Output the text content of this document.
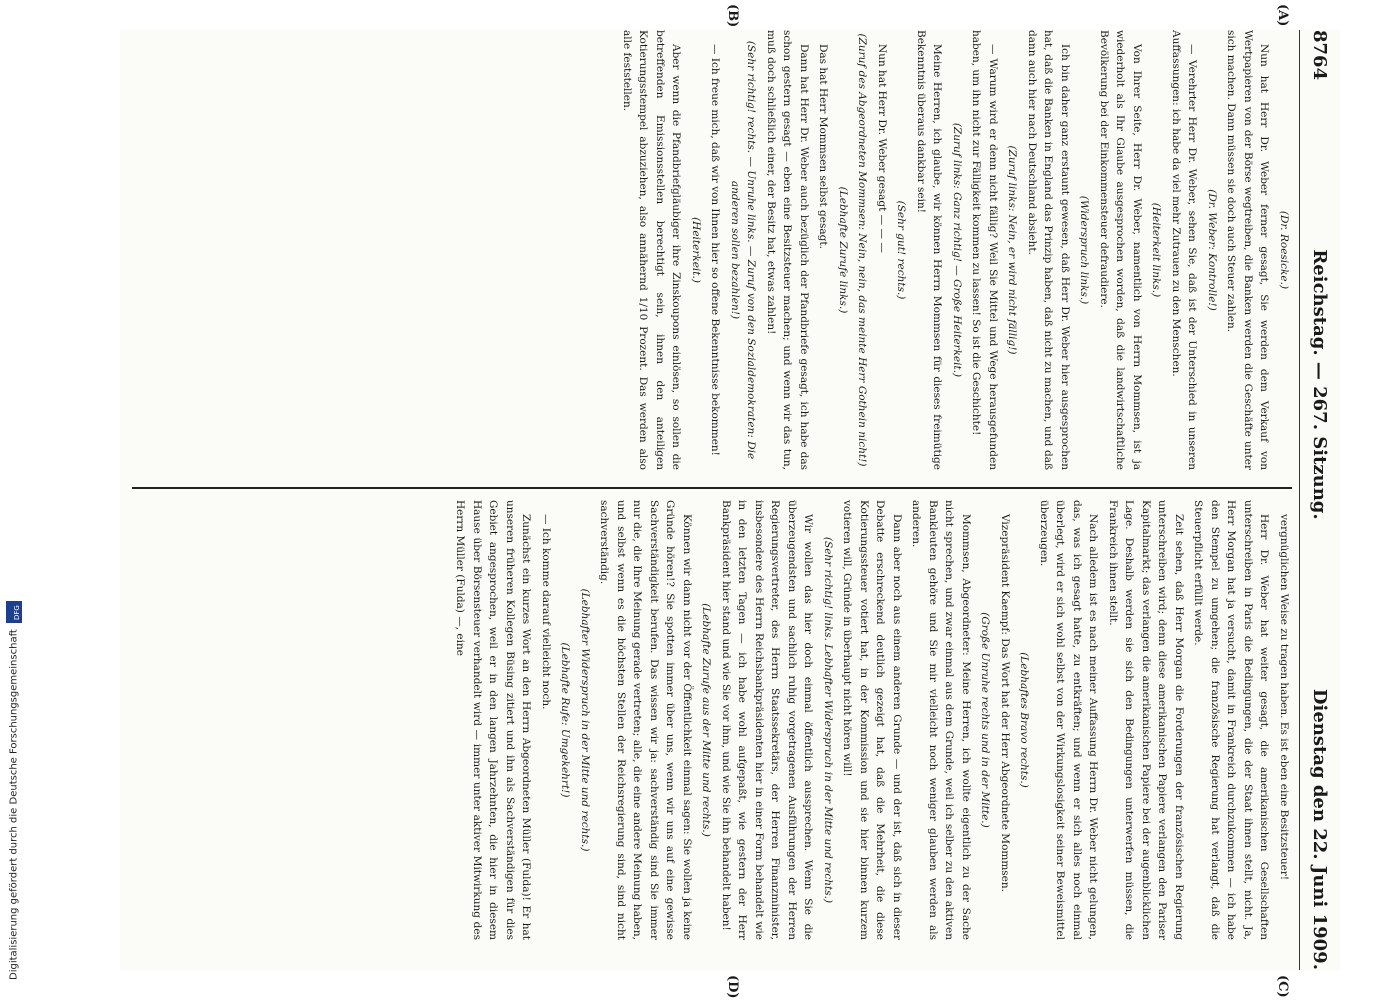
Digitalisierung gefördert durch die Deutsche Forschungsgemeinschaft
DFG
8764
Reichstag. — 267. Sitzung.
Dienstag den 22. Juni 1909.
(A)
(B)
(C)
(D)

(Dr. Roesicke.)

Nun hat Herr Dr. Weber ferner gesagt, Sie werden dem Verkauf von Wertpapieren von der Börse wegtreiben, die Banken werden die Geschäfte unter sich machen. Dann müssen sie doch auch Steuer zahlen.

(Dr. Weber: Kontrolle!)

— Verehrter Herr Dr. Weber, sehen Sie, daß ist der Unterschied in unseren Auffassungen: ich habe da viel mehr Zutrauen zu den Menschen.

(Heiterkeit links.)

Von Ihrer Seite, Herr Dr. Weber, namentlich von Herrn Mommsen, ist ja wiederholt als Ihr Glaube ausgesprochen worden, daß die landwirtschaftliche Bevölkerung bei der Einkommensteuer defraudiere.

(Widerspruch links.)

Ich bin daher ganz erstaunt gewesen, daß Herr Dr. Weber hier ausgesprochen hat, daß die Banken in England das Prinzip haben, daß nicht zu machen, und daß dann auch hier nach Deutschland absieht.

(Zuruf links: Nein, er wird nicht fällig!)

— Warum wird er denn nicht fällig? Weil Sie Mittel und Wege herausgefunden haben, um ihn nicht zur Fälligkeit kommen zu lassen! So ist die Geschichte!

(Zuruf links: Ganz richtig! — Große Heiterkeit.)

Meine Herren, ich glaube, wir können Herrn Mommsen für dieses freimütige Bekenntnis überaus dankbar sein!

(Sehr gut! rechts.)

Nun hat Herr Dr. Weber gesagt — — —

(Zuruf des Abgeordneten Mommsen: Nein, nein, das meinte Herr Gothein nicht!)

(Lebhafte Zurufe links.)

Das hat Herr Mommsen selbst gesagt.

Dann hat Herr Dr. Weber auch bezüglich der Pfandbriefe gesagt, ich habe das schon gestern gesagt — eben eine Besitzsteuer machen; und wenn wir das tun, muß doch schließlich einer, der Besitz hat, etwas zahlen!

(Sehr richtig! rechts. — Unruhe links. — Zuruf von den Sozialdemokraten: Die anderen sollen bezahlen!)

— Ich freue mich, daß wir von Ihnen hier so offene Bekenntnisse bekommen!

(Heiterkeit.)

Aber wenn die Pfandbriefgläubiger ihre Zinskoupons einlösen, so sollen die betreffenden Emissionsstellen berechtigt sein, ihnen den anteiligen Kotierungsstempel abzuziehen, also annähernd 1/10 Prozent. Das werden also alle feststellen.

vergnüglichen Weise zu tragen haben. Es ist eben eine Besitzsteuer!

Herr Dr. Weber hat weiter gesagt, die amerikanischen Gesellschaften unterschreiben in Paris die Bedingungen, die der Staat ihnen stellt, nicht. Ja, Herr Morgan hat ja versucht, damit in Frankreich durchzukommen — ich habe den Stempel zu umgehen; die französische Regierung hat verlangt, daß die Steuerpflicht erfüllt werde.

Zeit sehen, daß Herr Morgan die Forderungen der französischen Regierung unterschreiben wird; denn diese amerikanischen Papiere verlangen den Pariser Kapitalmarkt; das verlangen die amerikanischen Papiere bei der augenblicklichen Lage. Deshalb werden sie sich den Bedingungen unterwerfen müssen, die Frankreich ihnen stellt.

Nach alledem ist es nach meiner Auffassung Herrn Dr. Weber nicht gelungen, das, was ich gesagt hatte, zu entkräften; und wenn er sich alles noch einmal überlegt, wird er sich wohl selbst von der Wirkungslosigkeit seiner Beweismittel überzeugen.

(Lebhaftes Bravo rechts.)

Vizepräsident Kaempf: Das Wort hat der Herr Abgeordnete Mommsen.

(Große Unruhe rechts und in der Mitte.)

Mommsen, Abgeordneter: Meine Herren, ich wollte eigentlich zu der Sache nicht sprechen, und zwar einmal aus dem Grunde, weil ich selber zu den aktiven Bankleuten gehöre und Sie mir vielleicht noch weniger glauben werden als anderen.

Dann aber noch aus einem anderen Grunde — und der ist, daß sich in dieser Debatte erschreckend deutlich gezeigt hat, daß die Mehrheit, die diese Kotierungssteuer votiert hat, in der Kommission und sie hier binnen kurzem votieren will, Gründe in überhaupt nicht hören will!

(Sehr richtig! links. Lebhafter Widerspruch in der Mitte und rechts.)

Wir wollen das hier doch einmal öffentlich aussprechen. Wenn Sie die überzeugendsten und sachlich ruhig vorgetragenen Ausführungen der Herren Regierungsvertreter, des Herrn Staatssekretärs, der Herren Finanzminister, insbesondere des Herrn Reichsbankpräsidenten hier in einer Form behandelt wie in den letzten Tagen — ich habe wohl aufgepaßt, wie gestern der Herr Bankpräsident hier stand und wie Sie vor ihm, und wie Sie ihn behandelt haben!

(Lebhafte Zurufe aus der Mitte und rechts.)

Können wir dann nicht vor der Öffentlichkeit einmal sagen: Sie wollen ja keine Gründe hören!? Sie spotten immer über uns, wenn wir uns auf eine gewisse Sachverständigkeit berufen. Das wissen wir ja: sachverständig sind Sie immer nur die, die Ihre Meinung gerade vertreten; alle, die eine andere Meinung haben, und selbst wenn es die höchsten Stellen der Reichsregierung sind, sind nicht sachverständig.

(Lebhafter Widerspruch in der Mitte und rechts.)

(Lebhafte Rufe: Umgekehrt!)

— Ich komme darauf vielleicht noch.

Zunächst ein kurzes Wort an den Herrn Abgeordneten Müller (Fulda)! Er hat unseren früheren Kollegen Büsing zitiert und ihn als Sachverständigen für dies Gebiet angesprochen, weil er in den langen Jahrzehnten, die hier in diesem Hause über Börsensteuer verhandelt wird — immer unter aktiver Mitwirkung des Herrn Müller (Fulda) —, eine
